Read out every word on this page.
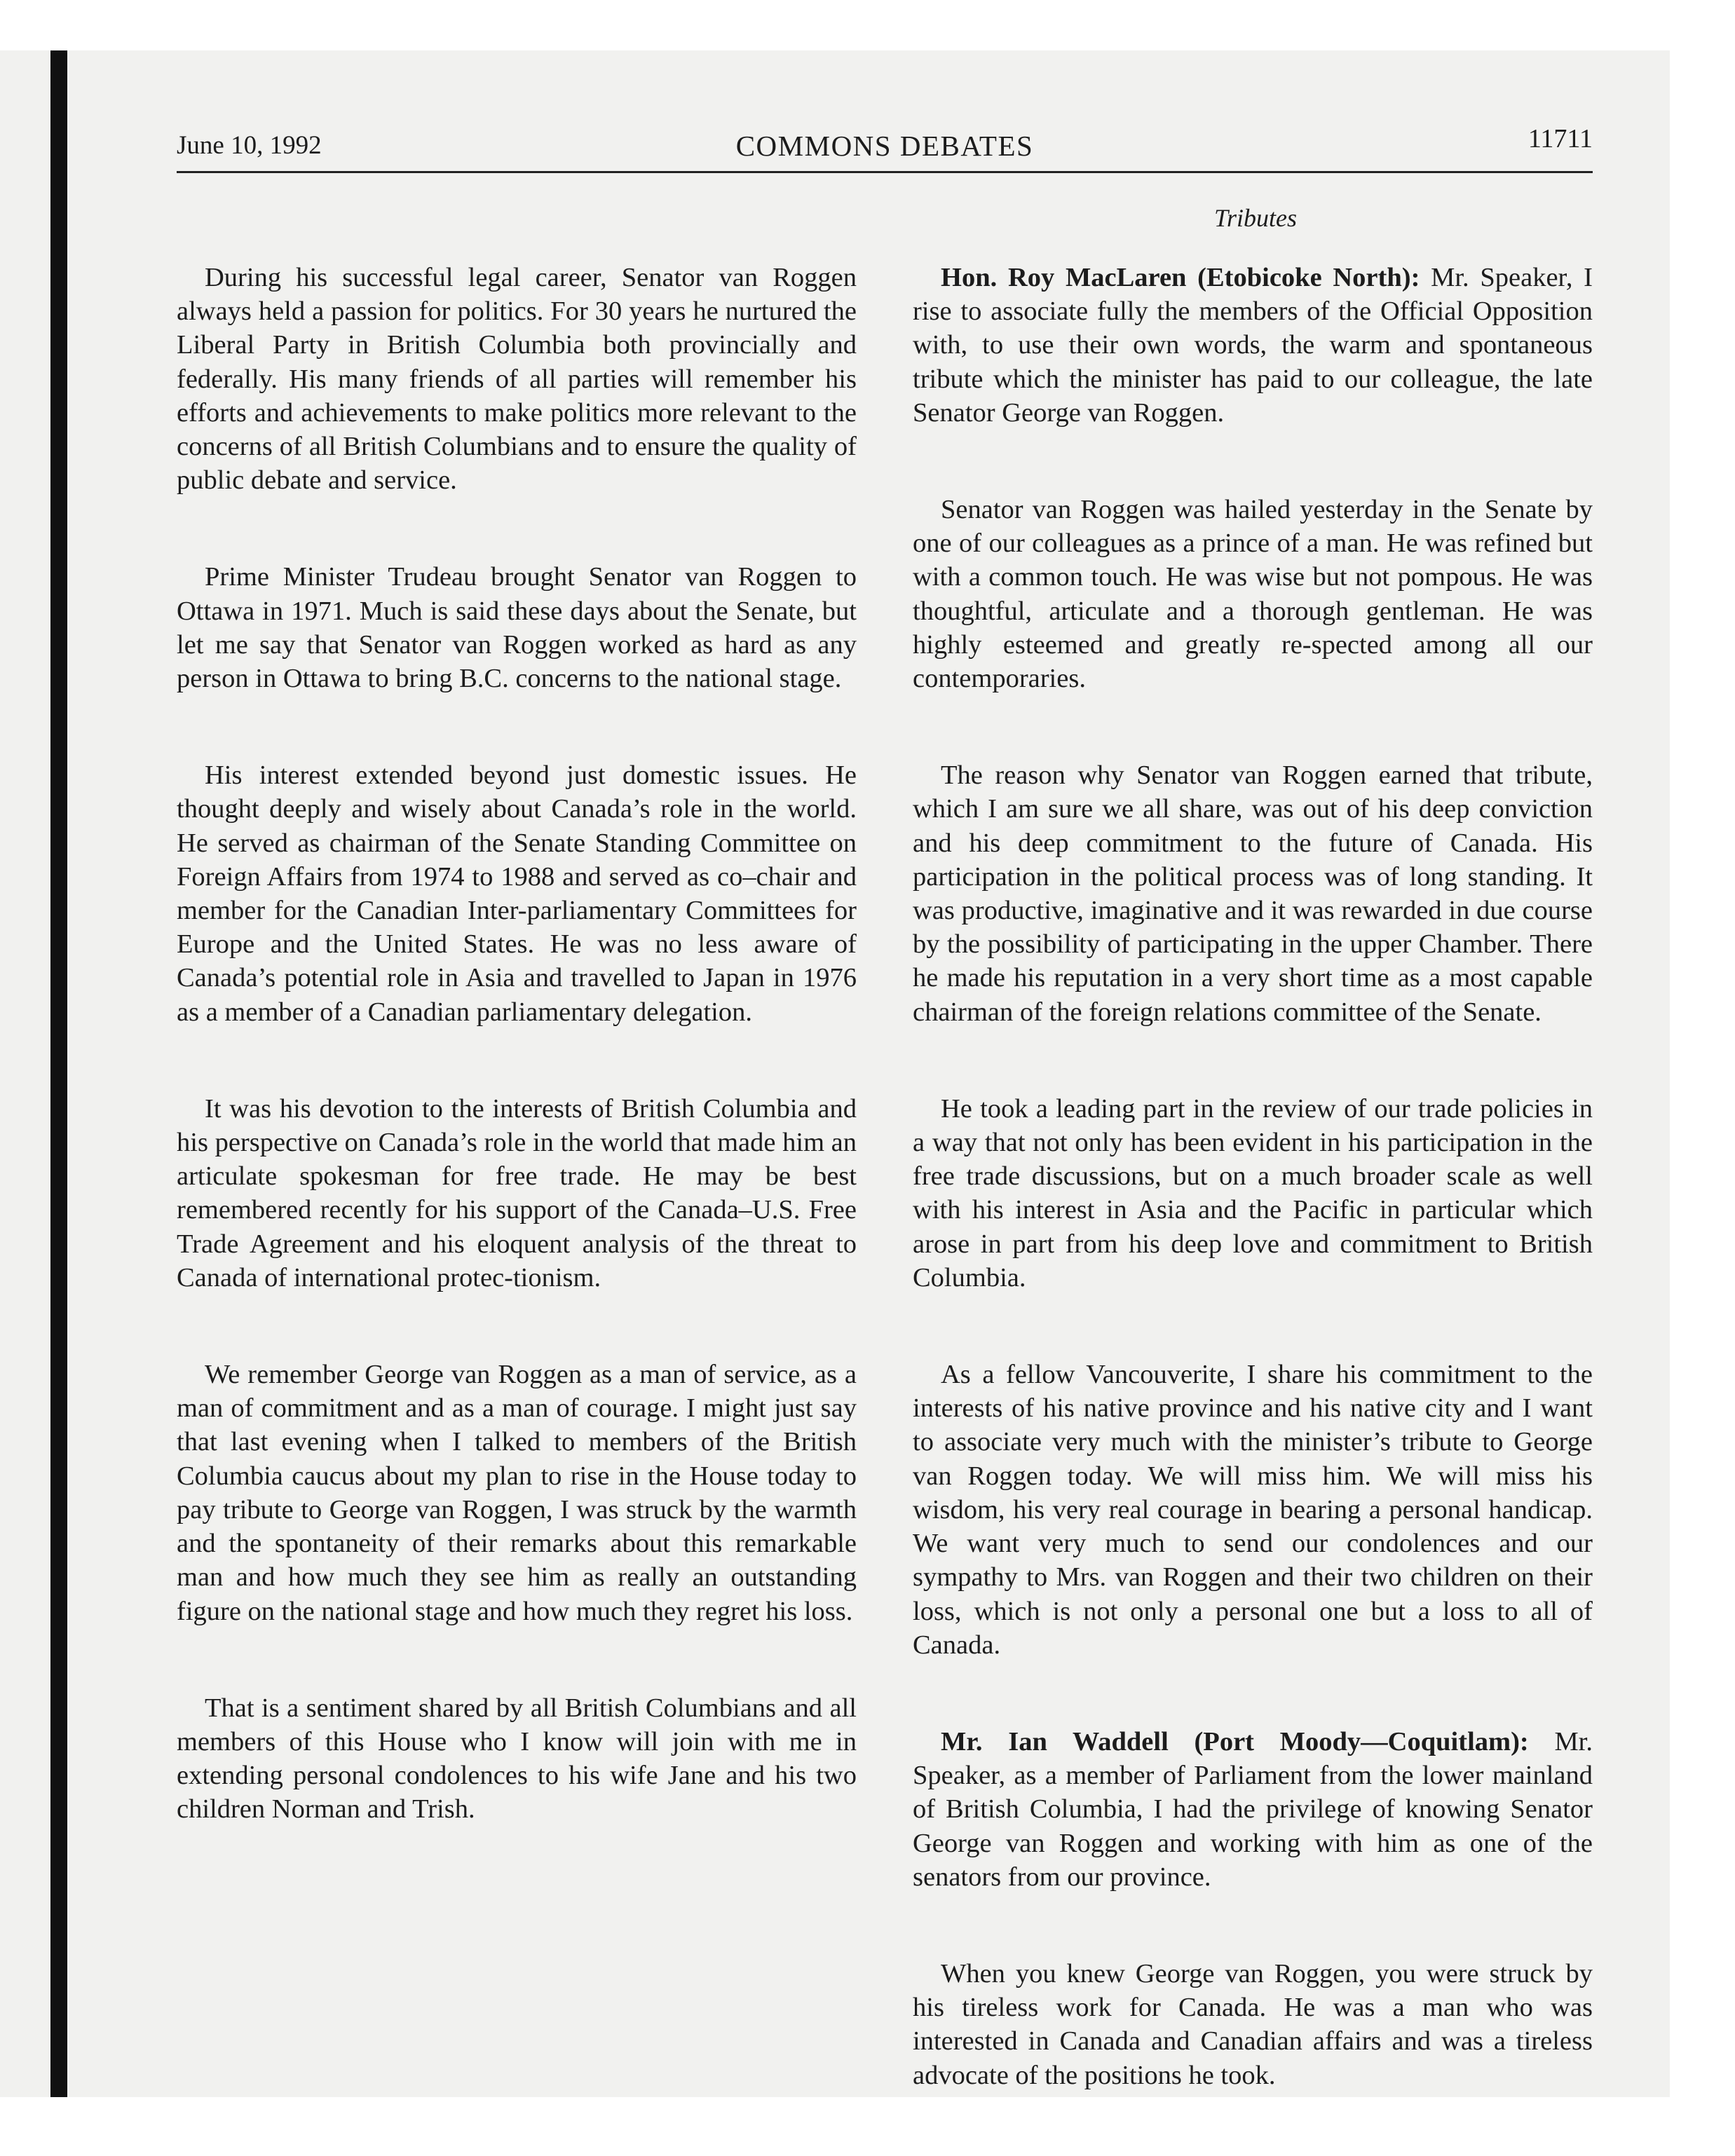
June 10, 1992	COMMONS DEBATES	11711
Tributes

During his successful legal career, Senator van Roggen always held a passion for politics. For 30 years he nurtured the Liberal Party in British Columbia both provincially and federally. His many friends of all parties will remember his efforts and achievements to make politics more relevant to the concerns of all British Columbians and to ensure the quality of public debate and service.

Prime Minister Trudeau brought Senator van Roggen to Ottawa in 1971. Much is said these days about the Senate, but let me say that Senator van Roggen worked as hard as any person in Ottawa to bring B.C. concerns to the national stage.

His interest extended beyond just domestic issues. He thought deeply and wisely about Canada’s role in the world. He served as chairman of the Senate Standing Committee on Foreign Affairs from 1974 to 1988 and served as co–chair and member for the Canadian Inter-parliamentary Committees for Europe and the United States. He was no less aware of Canada’s potential role in Asia and travelled to Japan in 1976 as a member of a Canadian parliamentary delegation.

It was his devotion to the interests of British Columbia and his perspective on Canada’s role in the world that made him an articulate spokesman for free trade. He may be best remembered recently for his support of the Canada–U.S. Free Trade Agreement and his eloquent analysis of the threat to Canada of international protec-tionism.

We remember George van Roggen as a man of service, as a man of commitment and as a man of courage. I might just say that last evening when I talked to members of the British Columbia caucus about my plan to rise in the House today to pay tribute to George van Roggen, I was struck by the warmth and the spontaneity of their remarks about this remarkable man and how much they see him as really an outstanding figure on the national stage and how much they regret his loss.

That is a sentiment shared by all British Columbians and all members of this House who I know will join with me in extending personal condolences to his wife Jane and his two children Norman and Trish.

Hon. Roy MacLaren (Etobicoke North): Mr. Speaker, I rise to associate fully the members of the Official Opposition with, to use their own words, the warm and spontaneous tribute which the minister has paid to our colleague, the late Senator George van Roggen.

Senator van Roggen was hailed yesterday in the Senate by one of our colleagues as a prince of a man. He was refined but with a common touch. He was wise but not pompous. He was thoughtful, articulate and a thorough gentleman. He was highly esteemed and greatly re-spected among all our contemporaries.

The reason why Senator van Roggen earned that tribute, which I am sure we all share, was out of his deep conviction and his deep commitment to the future of Canada. His participation in the political process was of long standing. It was productive, imaginative and it was rewarded in due course by the possibility of participating in the upper Chamber. There he made his reputation in a very short time as a most capable chairman of the foreign relations committee of the Senate.

He took a leading part in the review of our trade policies in a way that not only has been evident in his participation in the free trade discussions, but on a much broader scale as well with his interest in Asia and the Pacific in particular which arose in part from his deep love and commitment to British Columbia.

As a fellow Vancouverite, I share his commitment to the interests of his native province and his native city and I want to associate very much with the minister’s tribute to George van Roggen today. We will miss him. We will miss his wisdom, his very real courage in bearing a personal handicap. We want very much to send our condolences and our sympathy to Mrs. van Roggen and their two children on their loss, which is not only a personal one but a loss to all of Canada.

Mr. Ian Waddell (Port Moody—Coquitlam): Mr. Speaker, as a member of Parliament from the lower mainland of British Columbia, I had the privilege of knowing Senator George van Roggen and working with him as one of the senators from our province.

When you knew George van Roggen, you were struck by his tireless work for Canada. He was a man who was interested in Canada and Canadian affairs and was a tireless advocate of the positions he took.
